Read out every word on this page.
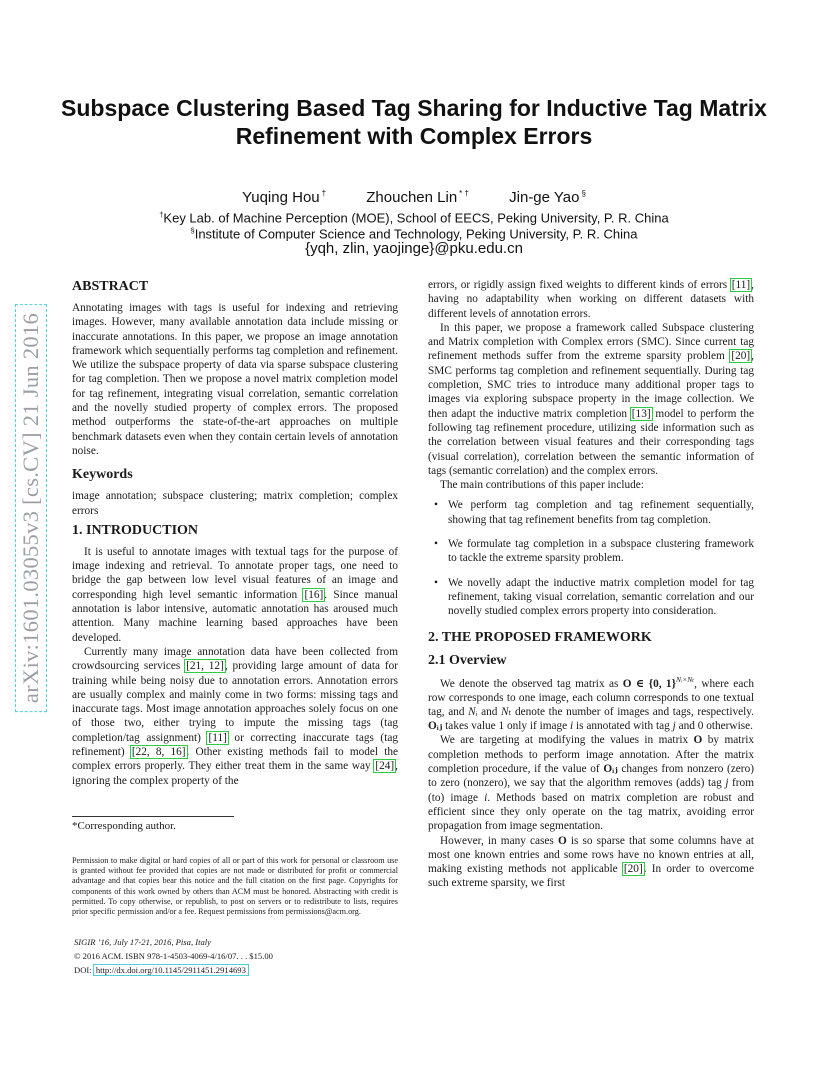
arXiv:1601.03055v3 [cs.CV] 21 Jun 2016
Subspace Clustering Based Tag Sharing for Inductive Tag Matrix Refinement with Complex Errors
Yuqing Hou †	Zhouchen Lin * †	Jin-ge Yao §
†Key Lab. of Machine Perception (MOE), School of EECS, Peking University, P. R. China
§Institute of Computer Science and Technology, Peking University, P. R. China
{yqh, zlin, yaojinge}@pku.edu.cn
ABSTRACT

Annotating images with tags is useful for indexing and retrieving images. However, many available annotation data include missing or inaccurate annotations. In this paper, we propose an image annotation framework which sequentially performs tag completion and refinement. We utilize the subspace property of data via sparse subspace clustering for tag completion. Then we propose a novel matrix completion model for tag refinement, integrating visual correlation, semantic correlation and the novelly studied property of complex errors. The proposed method outperforms the state-of-the-art approaches on multiple benchmark datasets even when they contain certain levels of annotation noise.

Keywords

image annotation; subspace clustering; matrix completion; complex errors

1. INTRODUCTION

It is useful to annotate images with textual tags for the purpose of image indexing and retrieval. To annotate proper tags, one need to bridge the gap between low level visual features of an image and corresponding high level semantic information [16]. Since manual annotation is labor intensive, automatic annotation has aroused much attention. Many machine learning based approaches have been developed.

Currently many image annotation data have been collected from crowdsourcing services [21, 12], providing large amount of data for training while being noisy due to annotation errors. Annotation errors are usually complex and mainly come in two forms: missing tags and inaccurate tags. Most image annotation approaches solely focus on one of those two, either trying to impute the missing tags (tag completion/tag assignment) [11] or correcting inaccurate tags (tag refinement) [22, 8, 16]. Other existing methods fail to model the complex errors properly. They either treat them in the same way [24], ignoring the complex property of the

*Corresponding author.
Permission to make digital or hard copies of all or part of this work for personal or classroom use is granted without fee provided that copies are not made or distributed for profit or commercial advantage and that copies bear this notice and the full citation on the first page. Copyrights for components of this work owned by others than ACM must be honored. Abstracting with credit is permitted. To copy otherwise, or republish, to post on servers or to redistribute to lists, requires prior specific permission and/or a fee. Request permissions from permissions@acm.org.
SIGIR ’16, July 17-21, 2016, Pisa, Italy
© 2016 ACM. ISBN 978-1-4503-4069-4/16/07. . . $15.00
DOI: http://dx.doi.org/10.1145/2911451.2914693

errors, or rigidly assign fixed weights to different kinds of errors [11], having no adaptability when working on different datasets with different levels of annotation errors.

In this paper, we propose a framework called Subspace clustering and Matrix completion with Complex errors (SMC). Since current tag refinement methods suffer from the extreme sparsity problem [20], SMC performs tag completion and refinement sequentially. During tag completion, SMC tries to introduce many additional proper tags to images via exploring subspace property in the image collection. We then adapt the inductive matrix completion [13] model to perform the following tag refinement procedure, utilizing side information such as the correlation between visual features and their corresponding tags (visual correlation), correlation between the semantic information of tags (semantic correlation) and the complex errors.

The main contributions of this paper include:

• We perform tag completion and tag refinement sequentially, showing that tag refinement benefits from tag completion.
• We formulate tag completion in a subspace clustering framework to tackle the extreme sparsity problem.
• We novelly adapt the inductive matrix completion model for tag refinement, taking visual correlation, semantic correlation and our novelly studied complex errors property into consideration.
2. THE PROPOSED FRAMEWORK
2.1 Overview

We denote the observed tag matrix as O ∈ {0, 1}$^{Nᵢ\times N_t}$, where each row corresponds to one image, each column corresponds to one textual tag, and Nᵢ and Nₜ denote the number of images and tags, respectively. Oᵢⱼ takes value 1 only if image i is annotated with tag j and 0 otherwise.

We are targeting at modifying the values in matrix O by matrix completion methods to perform image annotation. After the matrix completion procedure, if the value of Oᵢⱼ changes from nonzero (zero) to zero (nonzero), we say that the algorithm removes (adds) tag j from (to) image i. Methods based on matrix completion are robust and efficient since they only operate on the tag matrix, avoiding error propagation from image segmentation.

However, in many cases O is so sparse that some columns have at most one known entries and some rows have no known entries at all, making existing methods not applicable [20]. In order to overcome such extreme sparsity, we first
